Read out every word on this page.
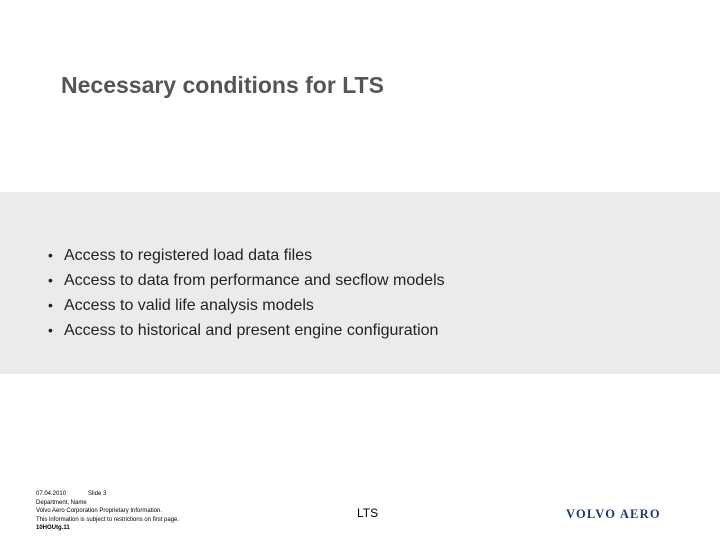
Necessary conditions for LTS
• Access to registered load data files
• Access to data from performance and secflow models
• Access to valid life analysis models
• Access to historical and present engine configuration
07.04.2010	Slide 3
Department, Name
Volvo Aero Corporation Proprietary Information.
This information is subject to restrictions on first page.
10HOUtg.11
LTS	VOLVO AERO
